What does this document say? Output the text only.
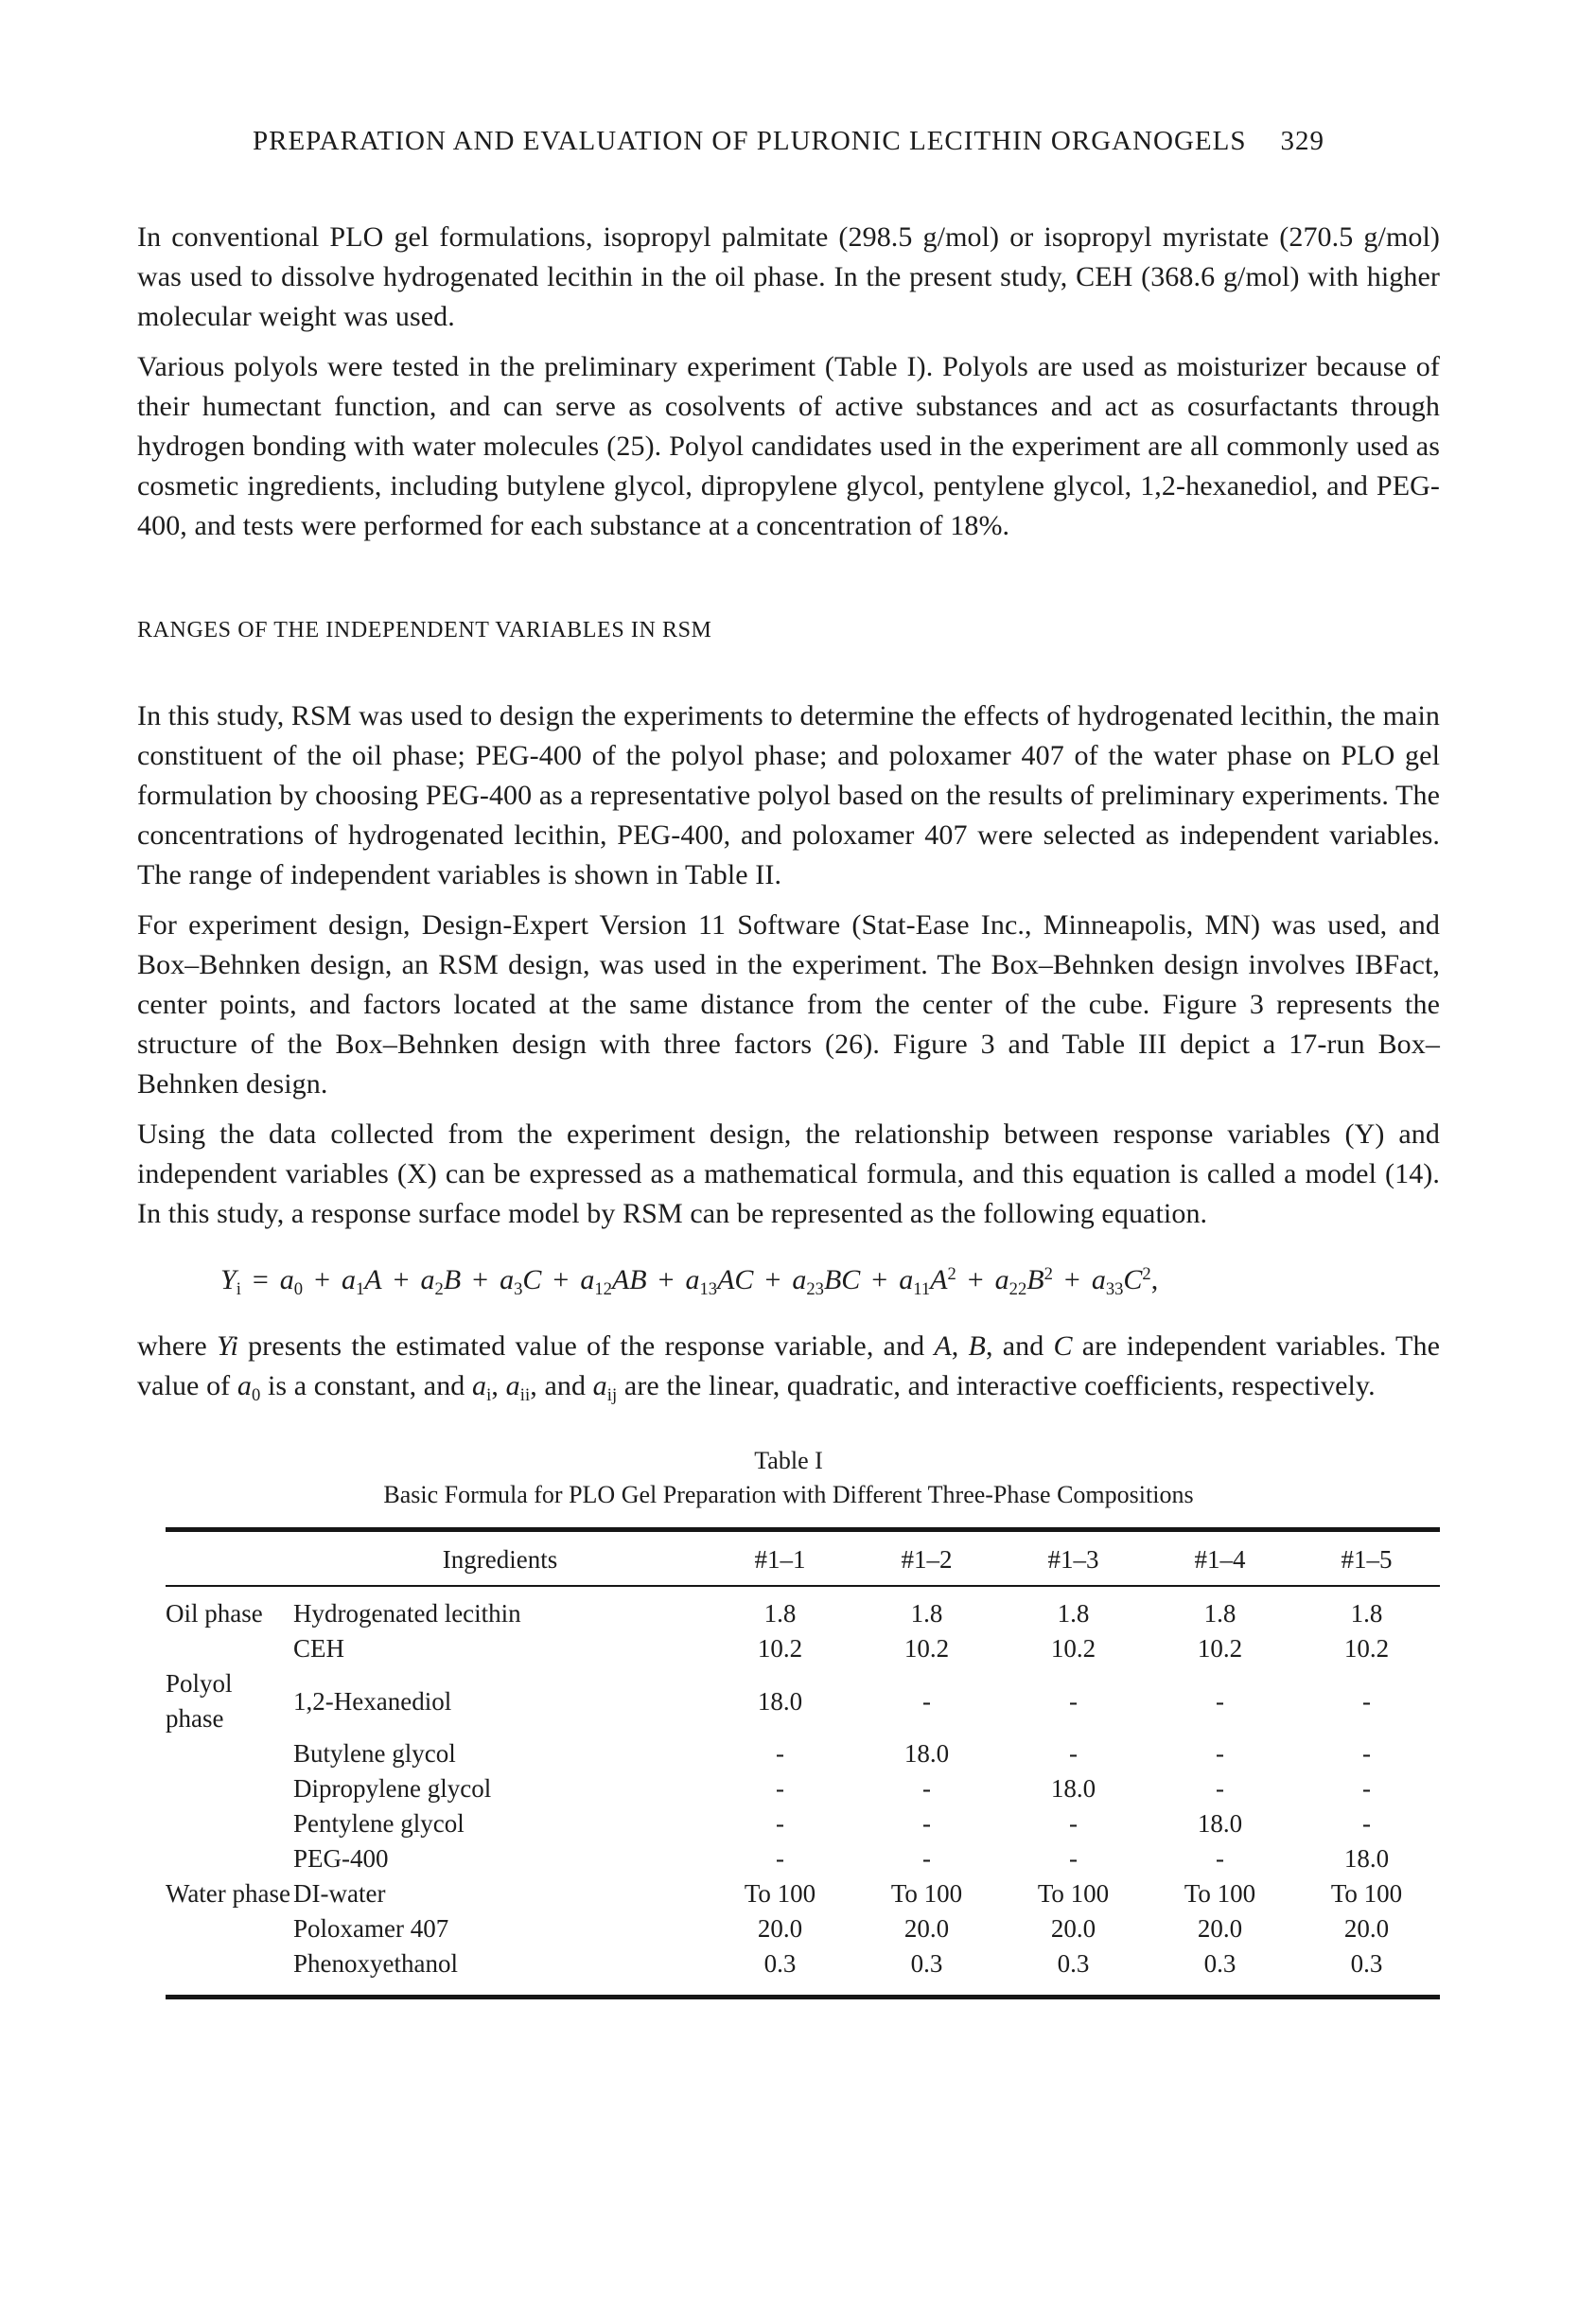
PREPARATION AND EVALUATION OF PLURONIC LECITHIN ORGANOGELS 329

In conventional PLO gel formulations, isopropyl palmitate (298.5 g/mol) or isopropyl myristate (270.5 g/mol) was used to dissolve hydrogenated lecithin in the oil phase. In the present study, CEH (368.6 g/mol) with higher molecular weight was used.

Various polyols were tested in the preliminary experiment (Table I). Polyols are used as moisturizer because of their humectant function, and can serve as cosolvents of active substances and act as cosurfactants through hydrogen bonding with water molecules (25). Polyol candidates used in the experiment are all commonly used as cosmetic ingredients, including butylene glycol, dipropylene glycol, pentylene glycol, 1,2-hexanediol, and PEG-400, and tests were performed for each substance at a concentration of 18%.

RANGES OF THE INDEPENDENT VARIABLES IN RSM

In this study, RSM was used to design the experiments to determine the effects of hydrogenated lecithin, the main constituent of the oil phase; PEG-400 of the polyol phase; and poloxamer 407 of the water phase on PLO gel formulation by choosing PEG-400 as a representative polyol based on the results of preliminary experiments. The concentrations of hydrogenated lecithin, PEG-400, and poloxamer 407 were selected as independent variables. The range of independent variables is shown in Table II.

For experiment design, Design-Expert Version 11 Software (Stat-Ease Inc., Minneapolis, MN) was used, and Box–Behnken design, an RSM design, was used in the experiment. The Box–Behnken design involves IBFact, center points, and factors located at the same distance from the center of the cube. Figure 3 represents the structure of the Box–Behnken design with three factors (26). Figure 3 and Table III depict a 17-run Box–Behnken design.

Using the data collected from the experiment design, the relationship between response variables (Y) and independent variables (X) can be expressed as a mathematical formula, and this equation is called a model (14). In this study, a response surface model by RSM can be represented as the following equation.

$Y_i = a_0 + a_1A + a_2B + a_3C + a_{12}AB + a_{13}AC + a_{23}BC + a_{11}A^2 + a_{22}B^2 + a_{33}C^2$,

where Yi presents the estimated value of the response variable, and A, B, and C are independent variables. The value of $a_0$ is a constant, and $a_i$, $a_{ii}$, and $a_{ij}$ are the linear, quadratic, and interactive coefficients, respectively.

Table I
Basic Formula for PLO Gel Preparation with Different Three-Phase Compositions
	Ingredients	#1–1	#1–2	#1–3	#1–4	#1–5
Oil phase	Hydrogenated lecithin	1.8	1.8	1.8	1.8	1.8
	CEH	10.2	10.2	10.2	10.2	10.2
Polyol phase	1,2-Hexanediol	18.0	-	-	-	-
	Butylene glycol	-	18.0	-	-	-
	Dipropylene glycol	-	-	18.0	-	-
	Pentylene glycol	-	-	-	18.0	-
	PEG-400	-	-	-	-	18.0
Water phase	DI-water	To 100	To 100	To 100	To 100	To 100
	Poloxamer 407	20.0	20.0	20.0	20.0	20.0
	Phenoxyethanol	0.3	0.3	0.3	0.3	0.3
